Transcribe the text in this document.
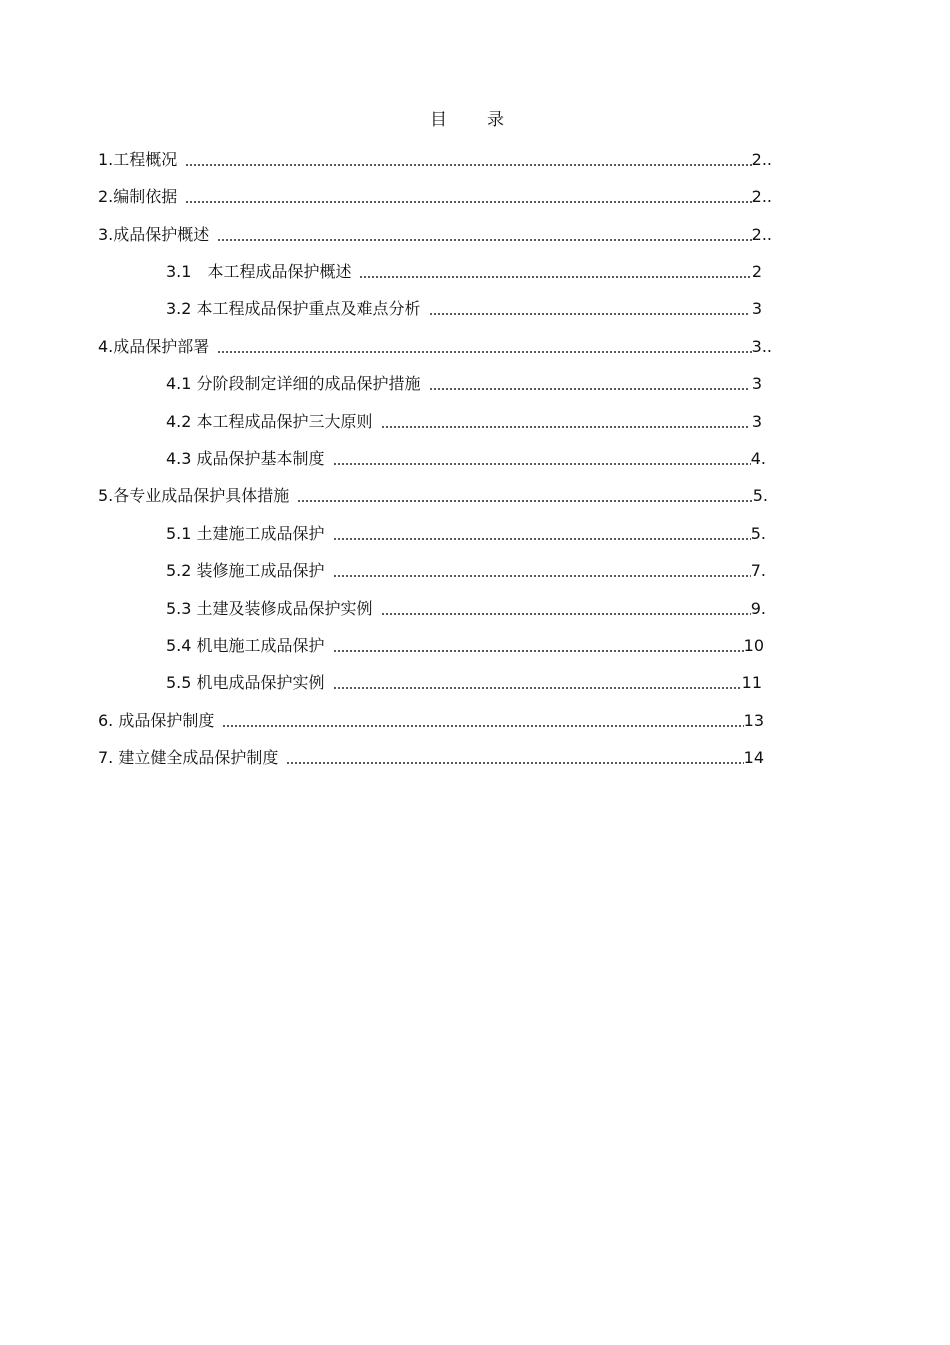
目录
1.工程概况	2..
2.编制依据	2..
3.成品保护概述	2..
3.1　本工程成品保护概述	2
3.2 本工程成品保护重点及难点分析	3
4.成品保护部署	3..
4.1 分阶段制定详细的成品保护措施	3
4.2 本工程成品保护三大原则	3
4.3 成品保护基本制度	4.
5.各专业成品保护具体措施	5.
5.1 土建施工成品保护	5.
5.2 装修施工成品保护	7.
5.3 土建及装修成品保护实例	9.
5.4 机电施工成品保护	10
5.5 机电成品保护实例	11
6. 成品保护制度	13
7. 建立健全成品保护制度	14
